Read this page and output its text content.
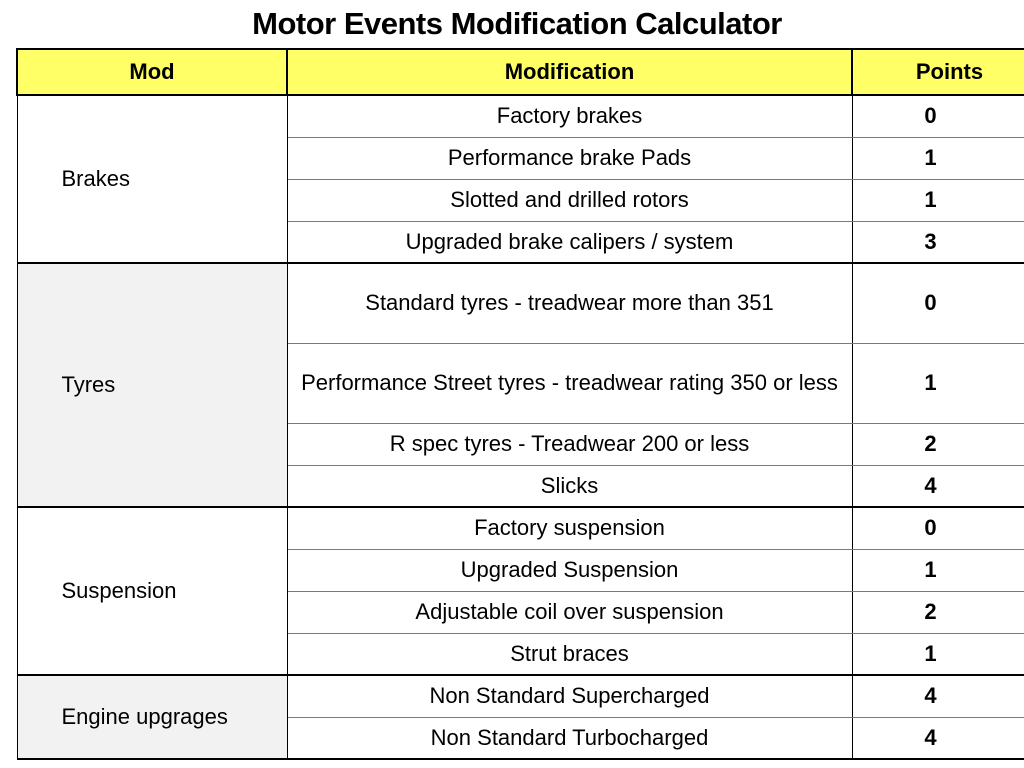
Motor Events Modification Calculator
Mod	Modification	Points
Brakes	Factory brakes	0
	Performance brake Pads	1
	Slotted and drilled rotors	1
	Upgraded brake calipers / system	3
Tyres	Standard tyres - treadwear more than 351	0
	Performance Street tyres - treadwear rating 350 or less	1
	R spec tyres - Treadwear 200 or less	2
	Slicks	4
Suspension	Factory suspension	0
	Upgraded Suspension	1
	Adjustable coil over suspension	2
	Strut braces	1
Engine upgrages	Non Standard Supercharged	4
	Non Standard Turbocharged	4
